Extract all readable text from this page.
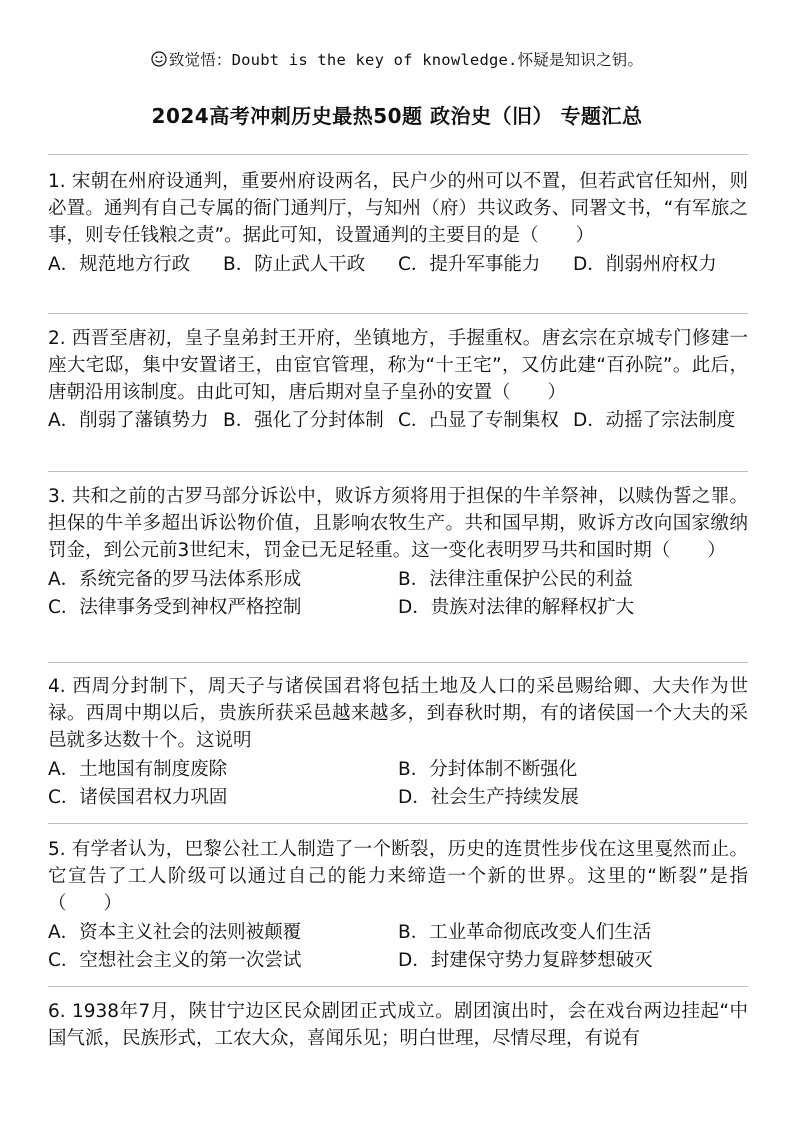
致觉悟：Doubt is the key of knowledge.怀疑是知识之钥。
2024高考冲刺历史最热50题 政治史（旧） 专题汇总
1. 宋朝在州府设通判，重要州府设两名，民户少的州可以不置，但若武官任知州，则必置。通判有自己专属的衙门通判厅，与知州（府）共议政务、同署文书，“有军旅之事，则专任钱粮之责”。据此可知，设置通判的主要目的是（　　）
A．规范地方行政	B．防止武人干政	C．提升军事能力	D．削弱州府权力
2. 西晋至唐初，皇子皇弟封王开府，坐镇地方，手握重权。唐玄宗在京城专门修建一座大宅邸，集中安置诸王，由宦官管理，称为“十王宅”，又仿此建“百孙院”。此后，唐朝沿用该制度。由此可知，唐后期对皇子皇孙的安置（　　）
A．削弱了藩镇势力 B．强化了分封体制 C．凸显了专制集权 D．动摇了宗法制度
3. 共和之前的古罗马部分诉讼中，败诉方须将用于担保的牛羊祭神，以赎伪誓之罪。担保的牛羊多超出诉讼物价值，且影响农牧生产。共和国早期，败诉方改向国家缴纳罚金，到公元前3世纪末，罚金已无足轻重。这一变化表明罗马共和国时期（　　）
A．系统完备的罗马法体系形成	B．法律注重保护公民的利益
C．法律事务受到神权严格控制	D．贵族对法律的解释权扩大
4. 西周分封制下，周天子与诸侯国君将包括土地及人口的采邑赐给卿、大夫作为世禄。西周中期以后，贵族所获采邑越来越多，到春秋时期，有的诸侯国一个大夫的采邑就多达数十个。这说明
A．土地国有制度废除	B．分封体制不断强化
C．诸侯国君权力巩固	D．社会生产持续发展
5. 有学者认为，巴黎公社工人制造了一个断裂，历史的连贯性步伐在这里戛然而止。它宣告了工人阶级可以通过自己的能力来缔造一个新的世界。这里的“断裂”是指（　　）
A．资本主义社会的法则被颠覆	B．工业革命彻底改变人们生活
C．空想社会主义的第一次尝试	D．封建保守势力复辟梦想破灭
6. 1938年7月，陕甘宁边区民众剧团正式成立。剧团演出时，会在戏台两边挂起“中国气派，民族形式，工农大众，喜闻乐见；明白世理，尽情尽理，有说有
